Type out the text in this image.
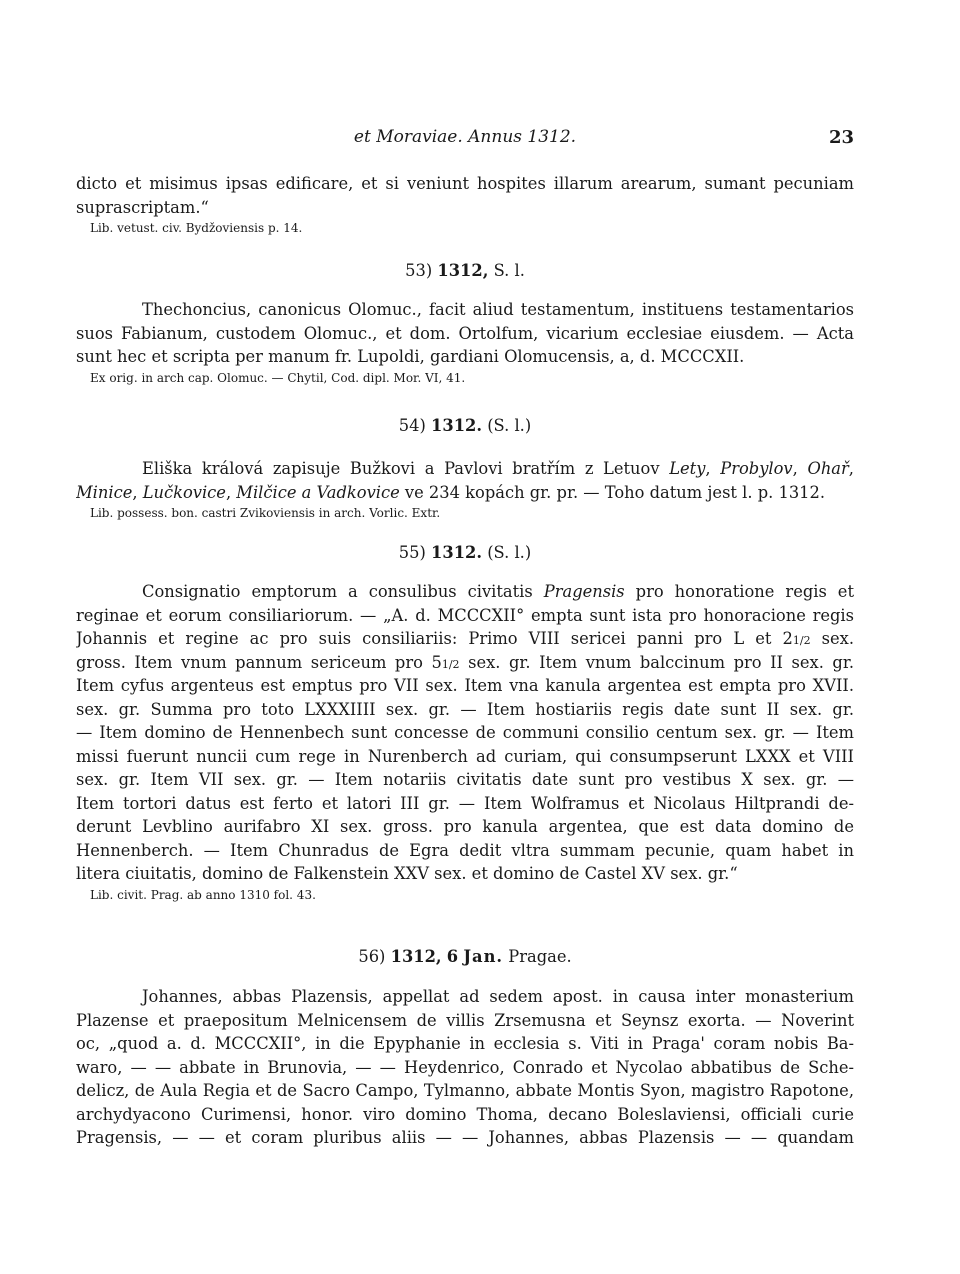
et Moraviae. Annus 1312.	23
dicto et misimus ipsas edificare, et si veniunt hospites illarum arearum, sumant pecuniam
suprascriptam.“
Lib. vetust. civ. Bydžoviensis p. 14.
53) 1312, S. l.
Thechoncius, canonicus Olomuc., facit aliud testamentum, instituens testamentarios
suos Fabianum, custodem Olomuc., et dom. Ortolfum, vicarium ecclesiae eiusdem. — Acta
sunt hec et scripta per manum fr. Lupoldi, gardiani Olomucensis, a, d. MCCCXII.
Ex orig. in arch cap. Olomuc. — Chytil, Cod. dipl. Mor. VI, 41.
54) 1312. (S. l.)
Eliška králová zapisuje Bužkovi a Pavlovi bratřím z Letuov Lety, Probylov, Ohař,
Minice, Lučkovice, Milčice a Vadkovice ve 234 kopách gr. pr. — Toho datum jest l. p. 1312.
Lib. possess. bon. castri Zvikoviensis in arch. Vorlic. Extr.
55) 1312. (S. l.)
Consignatio emptorum a consulibus civitatis Pragensis pro honoratione regis et
reginae et eorum consiliariorum. — „A. d. MCCCXII° empta sunt ista pro honoracione regis
Johannis et regine ac pro suis consiliariis: Primo VIII sericei panni pro L et 21/2 sex.
gross. Item vnum pannum sericeum pro 51/2 sex. gr. Item vnum balccinum pro II sex. gr.
Item cyfus argenteus est emptus pro VII sex. Item vna kanula argentea est empta pro XVII.
sex. gr. Summa pro toto LXXXIIII sex. gr. — Item hostiariis regis date sunt II sex. gr.
— Item domino de Hennenbech sunt concesse de communi consilio centum sex. gr. — Item
missi fuerunt nuncii cum rege in Nurenberch ad curiam, qui consumpserunt LXXX et VIII
sex. gr. Item VII sex. gr. — Item notariis civitatis date sunt pro vestibus X sex. gr. —
Item tortori datus est ferto et latori III gr. — Item Wolframus et Nicolaus Hiltprandi de-
derunt Levblino aurifabro XI sex. gross. pro kanula argentea, que est data domino de
Hennenberch. — Item Chunradus de Egra dedit vltra summam pecunie, quam habet in
litera ciuitatis, domino de Falkenstein XXV sex. et domino de Castel XV sex. gr.“
Lib. civit. Prag. ab anno 1310 fol. 43.
56) 1312, 6 Jan. Pragae.
Johannes, abbas Plazensis, appellat ad sedem apost. in causa inter monasterium
Plazense et praepositum Melnicensem de villis Zrsemusna et Seynsz exorta. — Noverint
oc, „quod a. d. MCCCXII°, in die Epyphanie in ecclesia s. Viti in Praga' coram nobis Ba-
waro, — — abbate in Brunovia, — — Heydenrico, Conrado et Nycolao abbatibus de Sche-
delicz, de Aula Regia et de Sacro Campo, Tylmanno, abbate Montis Syon, magistro Rapotone,
archydyacono Curimensi, honor. viro domino Thoma, decano Boleslaviensi, officiali curie
Pragensis, — — et coram pluribus aliis — — Johannes, abbas Plazensis — — quandam
